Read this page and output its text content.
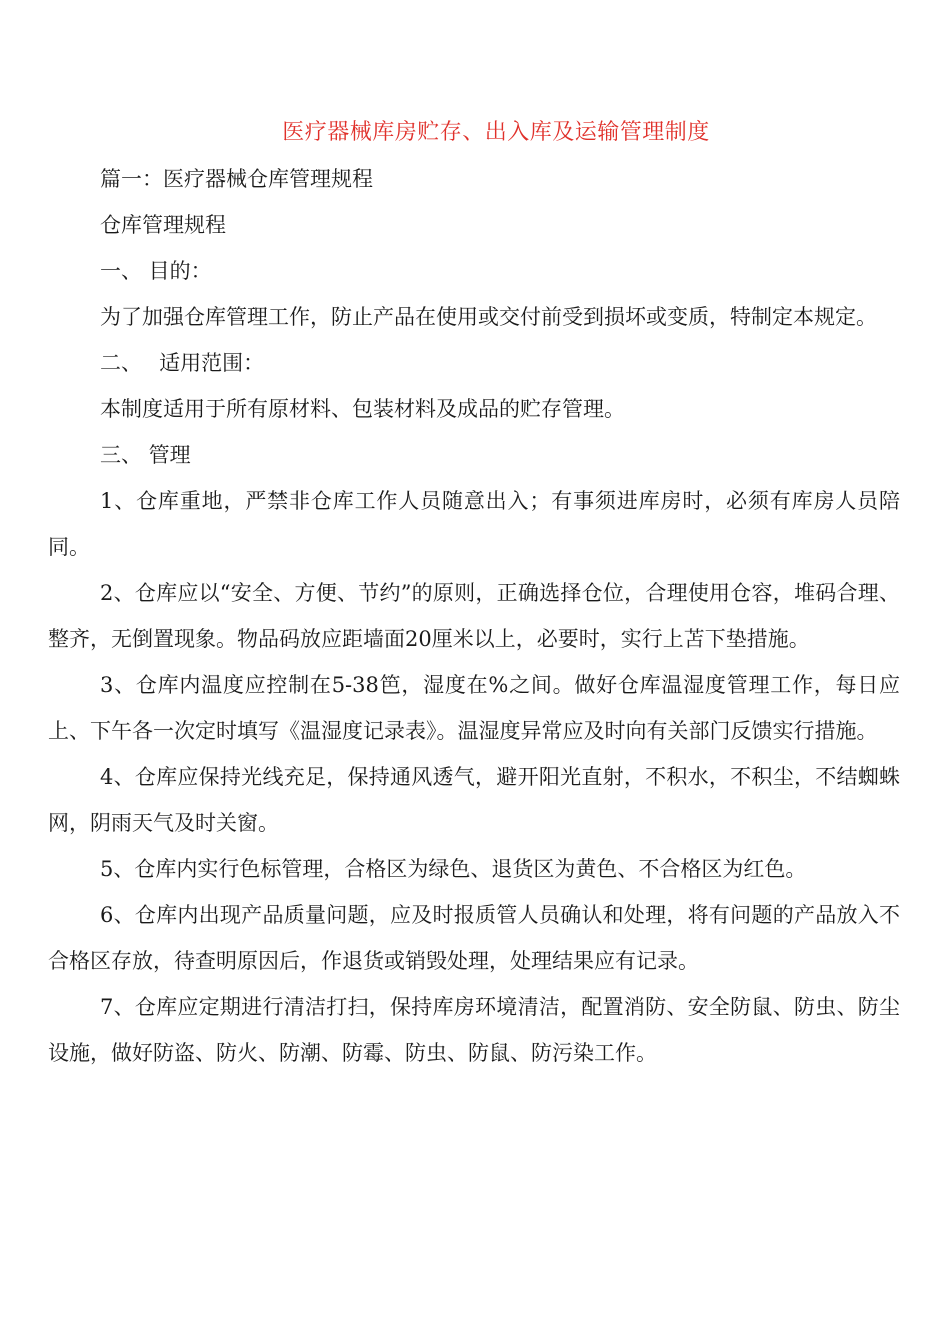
医疗器械库房贮存、出入库及运输管理制度

篇一：医疗器械仓库管理规程

仓库管理规程

一、 目的：

为了加强仓库管理工作，防止产品在使用或交付前受到损坏或变质，特制定本规定。

二、　 适用范围：

本制度适用于所有原材料、包装材料及成品的贮存管理。

三、 管理

1、仓库重地，严禁非仓库工作人员随意出入；有事须进库房时，必须有库房人员陪同。

2、仓库应以“安全、方便、节约”的原则，正确选择仓位，合理使用仓容，堆码合理、整齐，无倒置现象。物品码放应距墙面20厘米以上，必要时，实行上苫下垫措施。

3、仓库内温度应控制在5-38笆，湿度在%之间。做好仓库温湿度管理工作，每日应上、下午各一次定时填写《温湿度记录表》。温湿度异常应及时向有关部门反馈实行措施。

4、仓库应保持光线充足，保持通风透气，避开阳光直射，不积水，不积尘，不结蜘蛛网，阴雨天气及时关窗。

5、仓库内实行色标管理，合格区为绿色、退货区为黄色、不合格区为红色。

6、仓库内出现产品质量问题，应及时报质管人员确认和处理，将有问题的产品放入不合格区存放，待查明原因后，作退货或销毁处理，处理结果应有记录。

7、仓库应定期进行清洁打扫，保持库房环境清洁，配置消防、安全防鼠、防虫、防尘设施，做好防盗、防火、防潮、防霉、防虫、防鼠、防污染工作。
